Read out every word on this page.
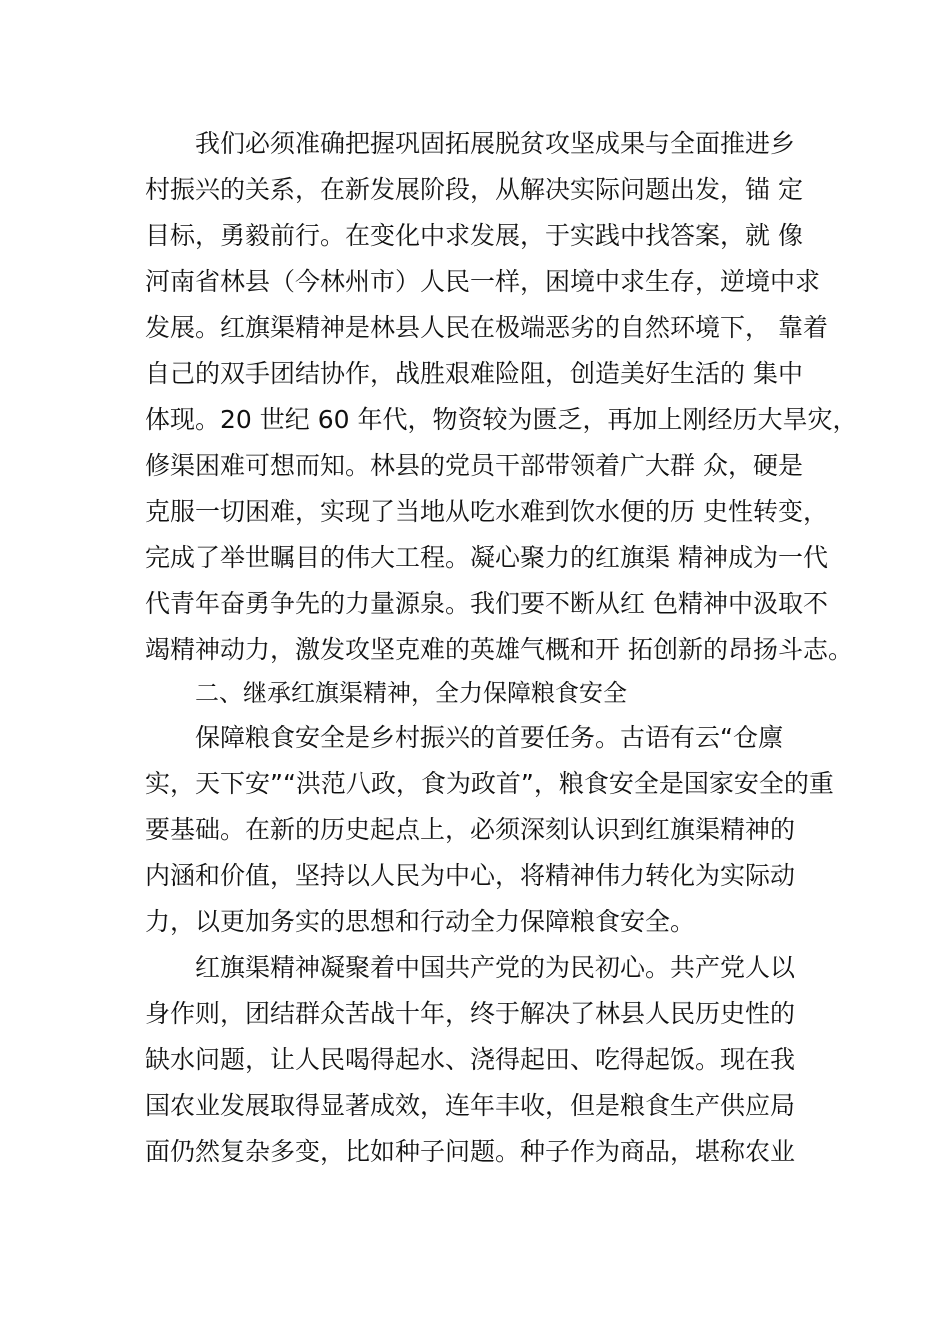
我们必须准确把握巩固拓展脱贫攻坚成果与全面推进乡

村振兴的关系，在新发展阶段，从解决实际问题出发，锚 定

目标，勇毅前行。在变化中求发展，于实践中找答案，就 像

河南省林县（今林州市）人民一样，困境中求生存，逆境中求

发展。红旗渠精神是林县人民在极端恶劣的自然环境下， 靠着

自己的双手团结协作，战胜艰难险阻，创造美好生活的 集中

体现。20 世纪 60 年代，物资较为匮乏，再加上刚经历大旱灾，

修渠困难可想而知。林县的党员干部带领着广大群 众，硬是

克服一切困难，实现了当地从吃水难到饮水便的历 史性转变，

完成了举世瞩目的伟大工程。凝心聚力的红旗渠 精神成为一代

代青年奋勇争先的力量源泉。我们要不断从红 色精神中汲取不

竭精神动力，激发攻坚克难的英雄气概和开 拓创新的昂扬斗志。

二、继承红旗渠精神，全力保障粮食安全

保障粮食安全是乡村振兴的首要任务。古语有云“仓廪

实，天下安”“洪范八政，食为政首”，粮食安全是国家安全的重

要基础。在新的历史起点上，必须深刻认识到红旗渠精神的

内涵和价值，坚持以人民为中心，将精神伟力转化为实际动

力，以更加务实的思想和行动全力保障粮食安全。

红旗渠精神凝聚着中国共产党的为民初心。共产党人以

身作则，团结群众苦战十年，终于解决了林县人民历史性的

缺水问题，让人民喝得起水、浇得起田、吃得起饭。现在我

国农业发展取得显著成效，连年丰收，但是粮食生产供应局

面仍然复杂多变，比如种子问题。种子作为商品，堪称农业
